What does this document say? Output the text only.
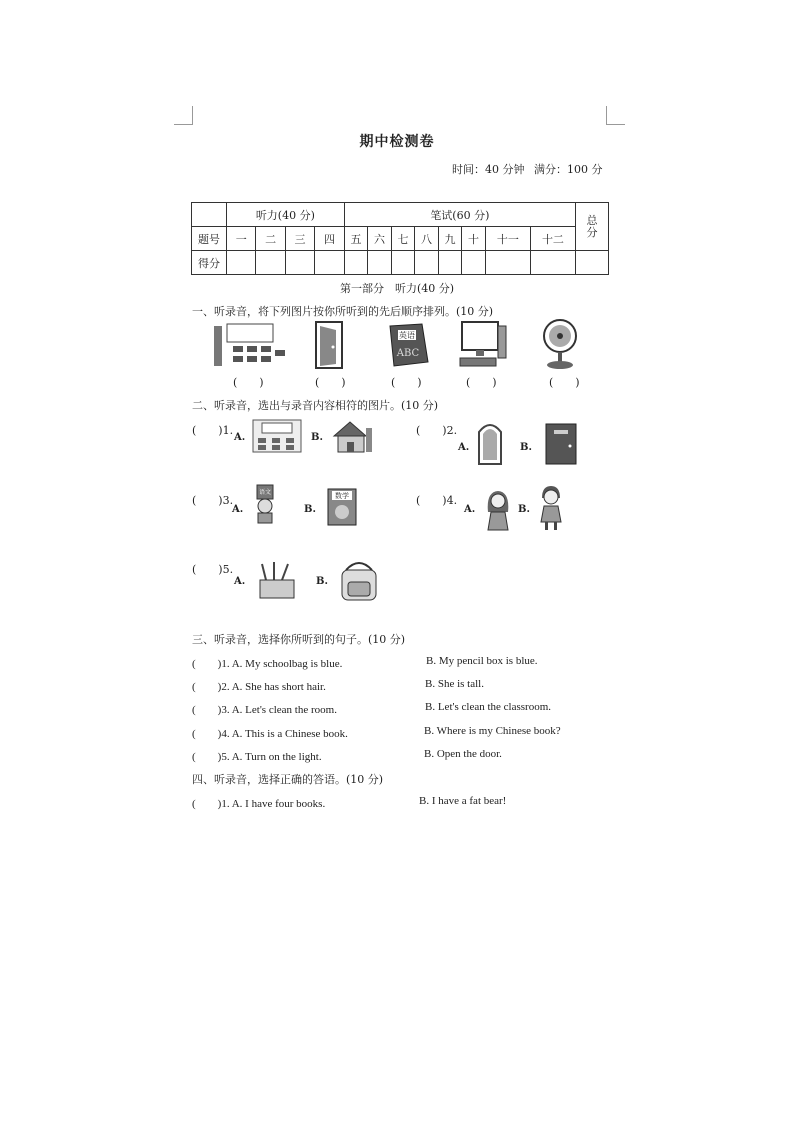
期中检测卷
时间：40 分钟 满分：100 分
	听力(40 分)				笔试(60 分)								总分

题号	一	二	三	四	五	六	七	八	九	十	十一	十二	
得分													
第一部分　听力(40 分)
一、听录音，将下列图片按你所听到的先后顺序排列。(10 分)
英语
ABC
(　　)	(　　)	(　　)	(　　)	(　　)
二、听录音，选出与录音内容相符的图片。(10 分)
(　　)1.
A.	B.
(　　)2.
A.	B.
(　　)3.
A.
语文
B.
数学	(　　)4.
A.	B.
(　　)5.
A.	B.
三、听录音，选择你所听到的句子。(10 分)
(　　)1. A. My schoolbag is blue.	B. My pencil box is blue.
(　　)2. A. She has short hair.	B. She is tall.
(　　)3. A. Let's clean the room.	B. Let's clean the classroom.
(　　)4. A. This is a Chinese book.	B. Where is my Chinese book?
(　　)5. A. Turn on the light.	B. Open the door.
四、听录音，选择正确的答语。(10 分)
(　　)1. A. I have four books.	B. I have a fat bear!
